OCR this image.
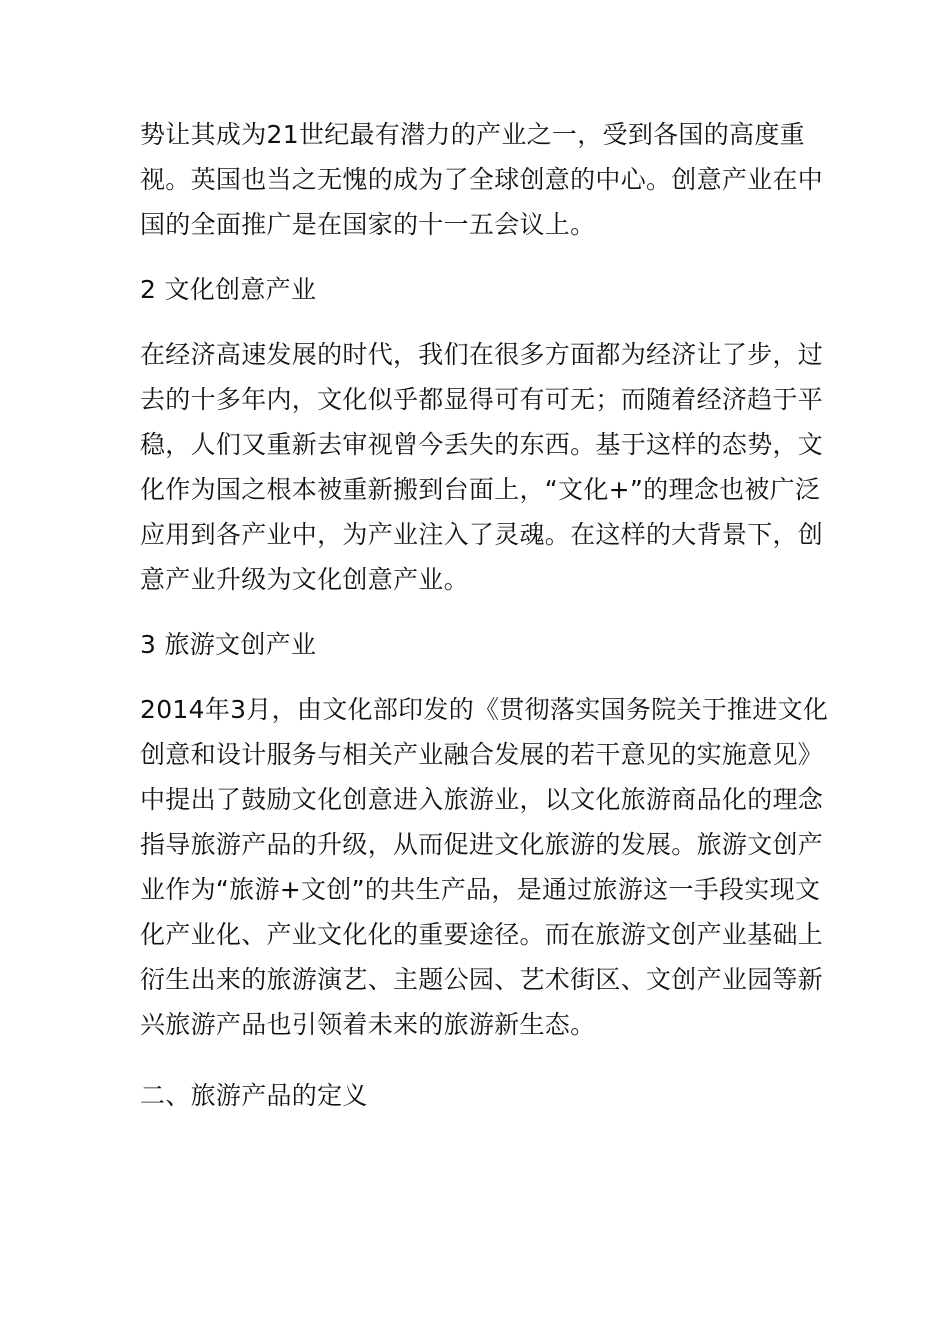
势让其成为21世纪最有潜力的产业之一，受到各国的高度重视。英国也当之无愧的成为了全球创意的中心。创意产业在中国的全面推广是在国家的十一五会议上。

2 文化创意产业

在经济高速发展的时代，我们在很多方面都为经济让了步，过去的十多年内，文化似乎都显得可有可无；而随着经济趋于平稳，人们又重新去审视曾今丢失的东西。基于这样的态势，文化作为国之根本被重新搬到台面上，“文化+”的理念也被广泛应用到各产业中，为产业注入了灵魂。在这样的大背景下，创意产业升级为文化创意产业。

3 旅游文创产业

2014年3月，由文化部印发的《贯彻落实国务院关于推进文化创意和设计服务与相关产业融合发展的若干意见的实施意见》中提出了鼓励文化创意进入旅游业，以文化旅游商品化的理念指导旅游产品的升级，从而促进文化旅游的发展。旅游文创产业作为“旅游+文创”的共生产品，是通过旅游这一手段实现文化产业化、产业文化化的重要途径。而在旅游文创产业基础上衍生出来的旅游演艺、主题公园、艺术街区、文创产业园等新兴旅游产品也引领着未来的旅游新生态。

二、旅游产品的定义
